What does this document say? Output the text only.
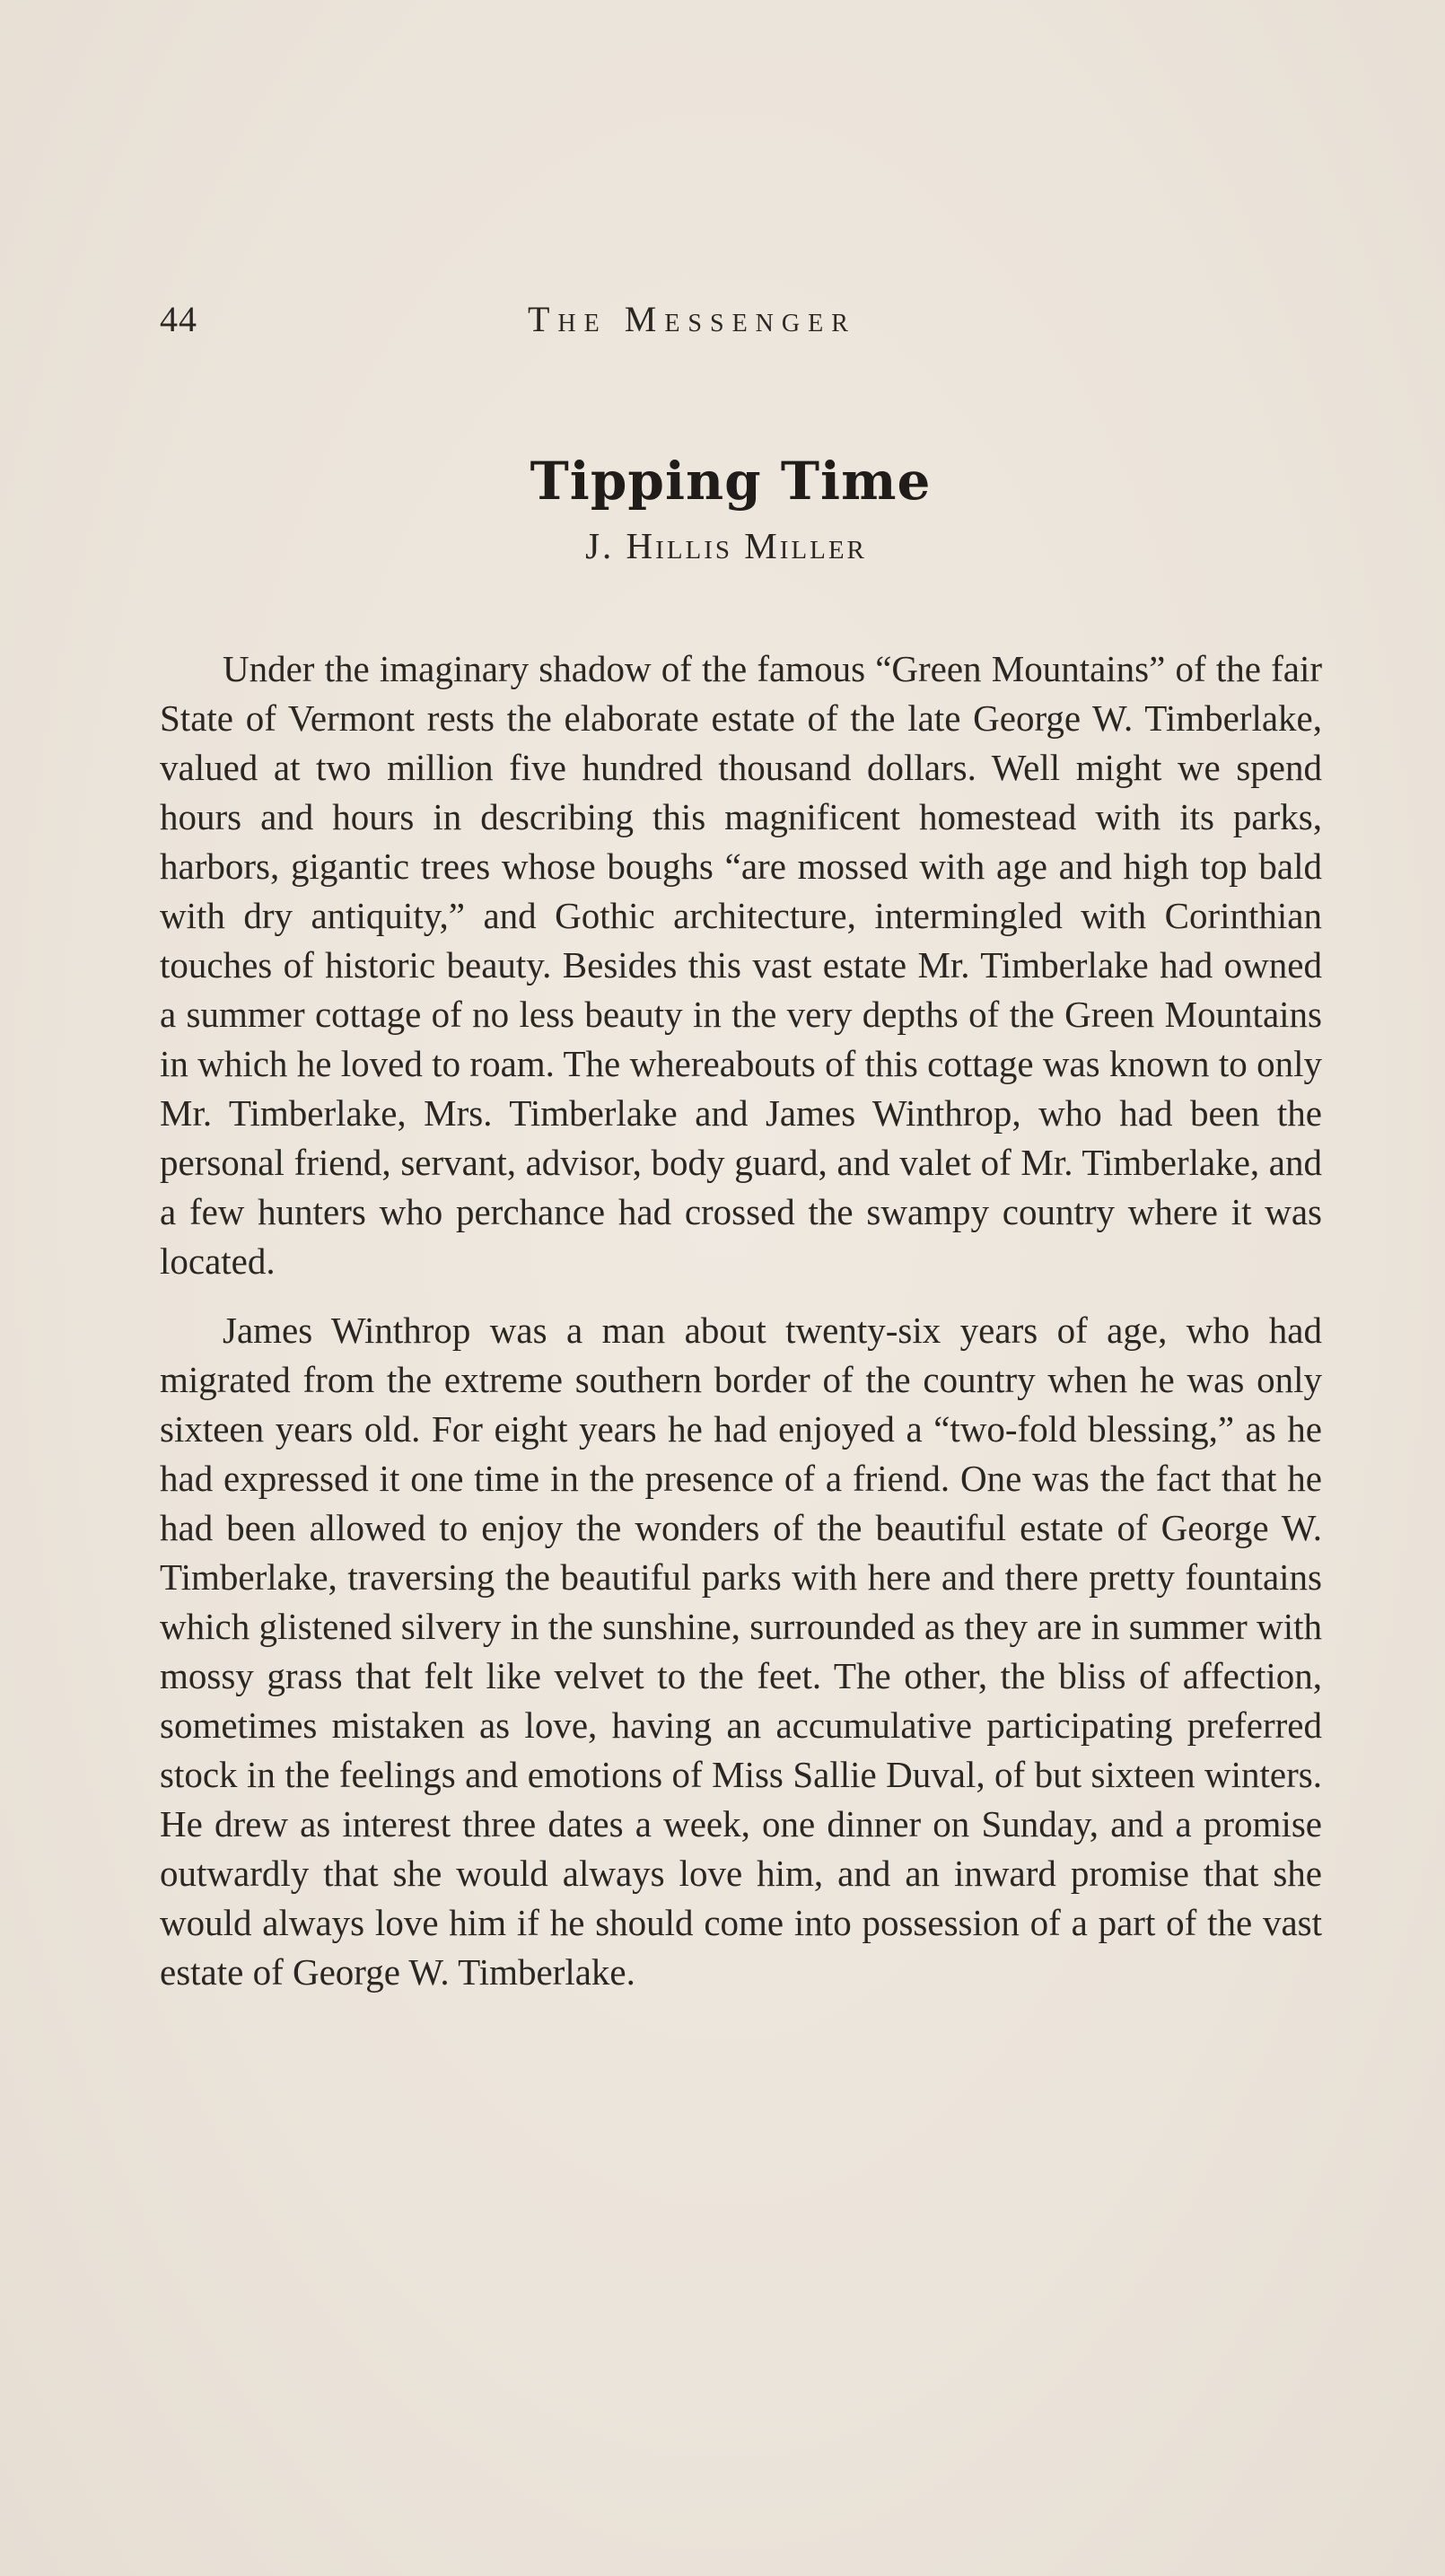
44	The Messenger
Tipping Time
J. Hillis Miller

Under the imaginary shadow of the famous “Green Mountains” of the fair State of Vermont rests the elaborate estate of the late George W. Timberlake, valued at two million five hundred thousand dollars. Well might we spend hours and hours in describing this magnificent homestead with its parks, harbors, gigantic trees whose boughs “are mossed with age and high top bald with dry antiquity,” and Gothic architecture, intermingled with Corinthian touches of historic beauty. Besides this vast estate Mr. Timberlake had owned a summer cottage of no less beauty in the very depths of the Green Mountains in which he loved to roam. The whereabouts of this cottage was known to only Mr. Timberlake, Mrs. Timberlake and James Winthrop, who had been the personal friend, servant, advisor, body guard, and valet of Mr. Timberlake, and a few hunters who perchance had crossed the swampy country where it was located.

James Winthrop was a man about twenty-six years of age, who had migrated from the extreme southern border of the country when he was only sixteen years old. For eight years he had enjoyed a “two-fold blessing,” as he had expressed it one time in the presence of a friend. One was the fact that he had been allowed to enjoy the wonders of the beautiful estate of George W. Timberlake, traversing the beautiful parks with here and there pretty fountains which glistened silvery in the sunshine, surrounded as they are in summer with mossy grass that felt like velvet to the feet. The other, the bliss of affection, sometimes mistaken as love, having an accumulative participating preferred stock in the feelings and emotions of Miss Sallie Duval, of but sixteen winters. He drew as interest three dates a week, one dinner on Sunday, and a promise outwardly that she would always love him, and an inward promise that she would always love him if he should come into possession of a part of the vast estate of George W. Timberlake.
